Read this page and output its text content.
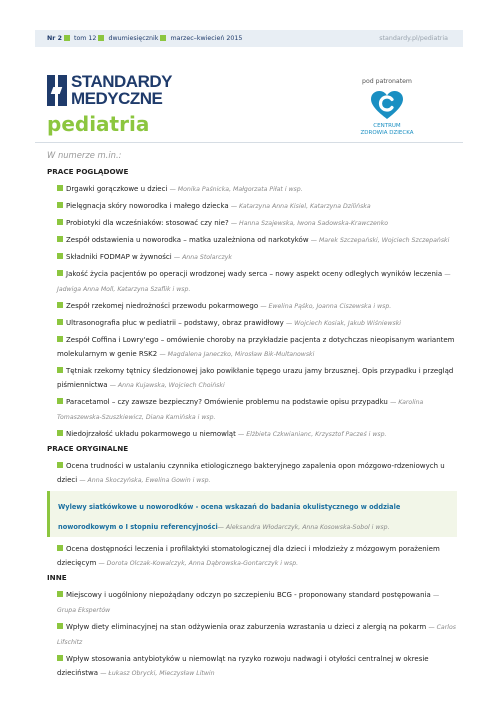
Nr 2 tom 12 dwumiesięcznik marzec–kwiecień 2015	standardy.pl/pediatria
STANDARDY
MEDYCZNE
pediatria
pod patronatem
CENTRUM
ZDROWIA DZIECKA
W numerze m.in.:
PRACE POGLĄDOWE
Drgawki gorączkowe u dzieci — Monika Paśnicka, Małgorzata Piłat i wsp.
Pielęgnacja skóry noworodka i małego dziecka — Katarzyna Anna Kisiel, Katarzyna Dzilińska
Probiotyki dla wcześniaków: stosować czy nie? — Hanna Szajewska, Iwona Sadowska-Krawczenko
Zespół odstawienia u noworodka – matka uzależniona od narkotyków — Marek Szczepański, Wojciech Szczepański
Składniki FODMAP w żywności — Anna Stolarczyk
Jakość życia pacjentów po operacji wrodzonej wady serca – nowy aspekt oceny odległych wyników leczenia — Jadwiga Anna Moll, Katarzyna Szaflik i wsp.
Zespół rzekomej niedrożności przewodu pokarmowego — Ewelina Pąśko, Joanna Ciszewska i wsp.
Ultrasonografia płuc w pediatrii – podstawy, obraz prawidłowy — Wojciech Kosiak, Jakub Wiśniewski
Zespół Coffina i Lowry'ego – omówienie choroby na przykładzie pacjenta z dotychczas nieopisanym wariantem molekularnym w genie RSK2 — Magdalena Janeczko, Mirosław Bik-Multanowski
Tętniak rzekomy tętnicy śledzionowej jako powikłanie tępego urazu jamy brzusznej. Opis przypadku i przegląd piśmiennictwa — Anna Kujawska, Wojciech Choiński
Paracetamol – czy zawsze bezpieczny? Omówienie problemu na podstawie opisu przypadku — Karolina Tomaszewska-Szuszkiewicz, Diana Kamińska i wsp.
Niedojrzałość układu pokarmowego u niemowląt — Elżbieta Czkwianianc, Krzysztof Pacześ i wsp.
PRACE ORYGINALNE
Ocena trudności w ustalaniu czynnika etiologicznego bakteryjnego zapalenia opon mózgowo-rdzeniowych u dzieci — Anna Skoczyńska, Ewelina Gowin i wsp.
Wylewy siatkówkowe u noworodków - ocena wskazań do badania okulistycznego w oddziale noworodkowym o I stopniu referencyjności— Aleksandra Włodarczyk, Anna Kosowska-Sobol i wsp.
Ocena dostępności leczenia i profilaktyki stomatologicznej dla dzieci i młodzieży z mózgowym porażeniem dziecięcym — Dorota Olczak-Kowalczyk, Anna Dąbrowska-Gontarczyk i wsp.
INNE
Miejscowy i uogólniony niepożądany odczyn po szczepieniu BCG - proponowany standard postępowania — Grupa Ekspertów
Wpływ diety eliminacyjnej na stan odżywienia oraz zaburzenia wzrastania u dzieci z alergią na pokarm — Carlos Lifschitz
Wpływ stosowania antybiotyków u niemowląt na ryzyko rozwoju nadwagi i otyłości centralnej w okresie dzieciństwa — Łukasz Obrycki, Mieczysław Litwin
